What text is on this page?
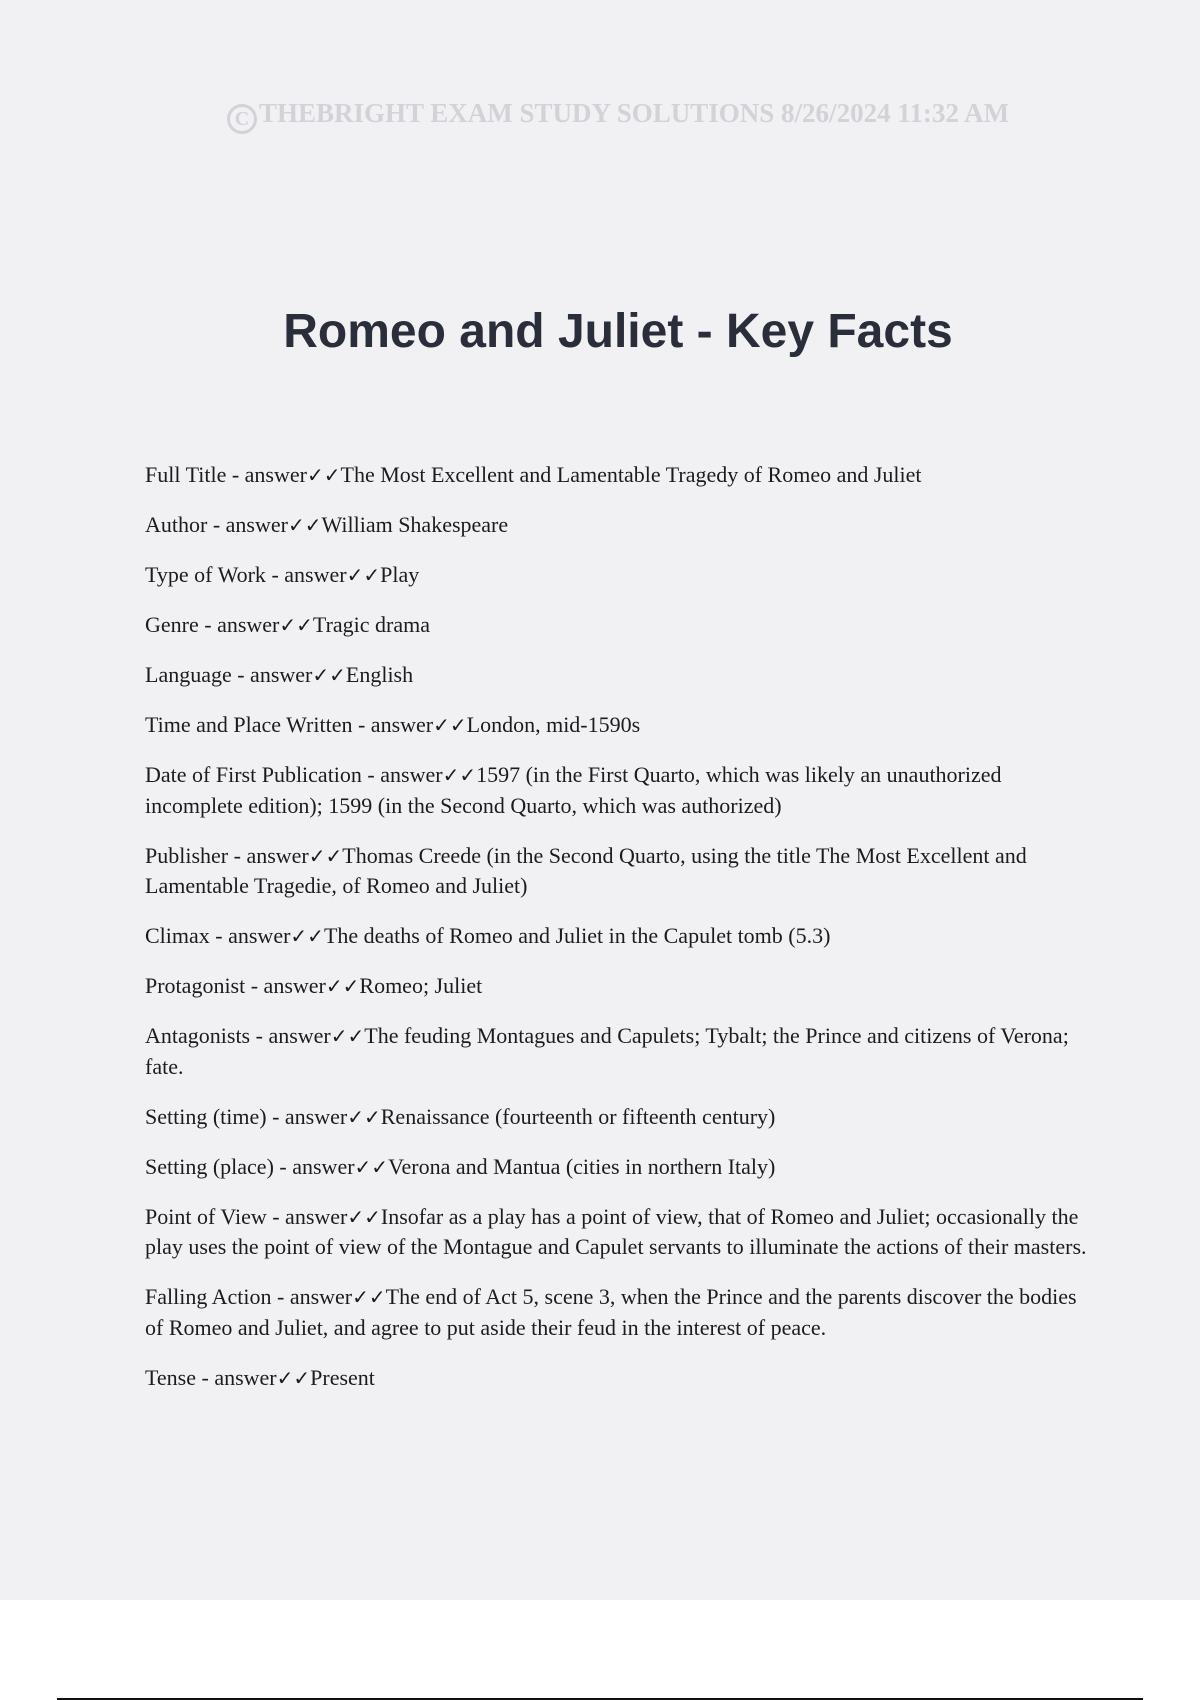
C THEBRIGHT EXAM STUDY SOLUTIONS 8/26/2024 11:32 AM
Romeo and Juliet - Key Facts
Full Title - answer✓✓The Most Excellent and Lamentable Tragedy of Romeo and Juliet
Author - answer✓✓William Shakespeare
Type of Work - answer✓✓Play
Genre - answer✓✓Tragic drama
Language - answer✓✓English
Time and Place Written - answer✓✓London, mid-1590s
Date of First Publication - answer✓✓1597 (in the First Quarto, which was likely an unauthorized incomplete edition); 1599 (in the Second Quarto, which was authorized)
Publisher - answer✓✓Thomas Creede (in the Second Quarto, using the title The Most Excellent and Lamentable Tragedie, of Romeo and Juliet)
Climax - answer✓✓The deaths of Romeo and Juliet in the Capulet tomb (5.3)
Protagonist - answer✓✓Romeo; Juliet
Antagonists - answer✓✓The feuding Montagues and Capulets; Tybalt; the Prince and citizens of Verona; fate.
Setting (time) - answer✓✓Renaissance (fourteenth or fifteenth century)
Setting (place) - answer✓✓Verona and Mantua (cities in northern Italy)
Point of View - answer✓✓Insofar as a play has a point of view, that of Romeo and Juliet; occasionally the play uses the point of view of the Montague and Capulet servants to illuminate the actions of their masters.
Falling Action - answer✓✓The end of Act 5, scene 3, when the Prince and the parents discover the bodies of Romeo and Juliet, and agree to put aside their feud in the interest of peace.
Tense - answer✓✓Present
